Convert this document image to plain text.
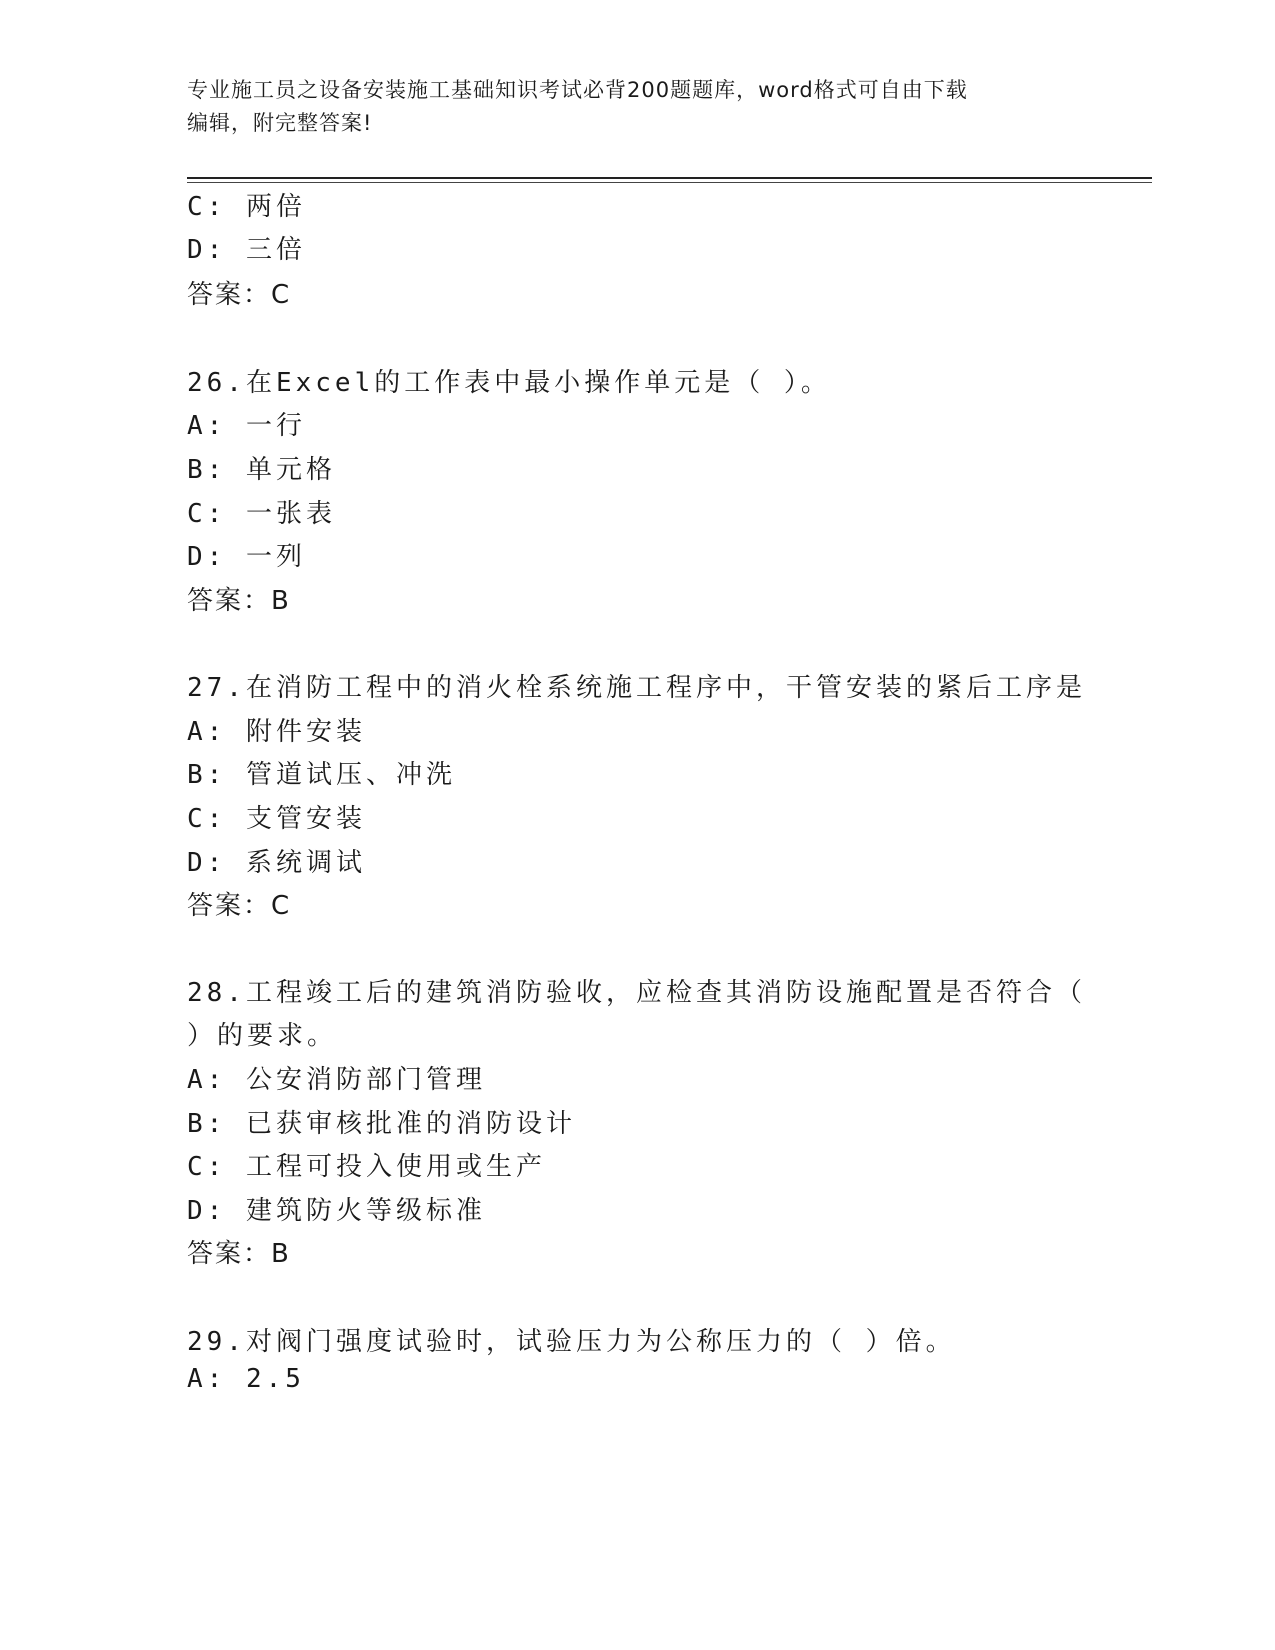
专业施工员之设备安装施工基础知识考试必背200题题库，word格式可自由下载
编辑，附完整答案!
C: 两倍
D: 三倍
答案：C
26.在Excel的工作表中最小操作单元是（ ）。
A: 一行
B: 单元格
C: 一张表
D: 一列
答案：B
27.在消防工程中的消火栓系统施工程序中，干管安装的紧后工序是
A: 附件安装
B: 管道试压、冲洗
C: 支管安装
D: 系统调试
答案：C
28.工程竣工后的建筑消防验收，应检查其消防设施配置是否符合（
）的要求。
A: 公安消防部门管理
B: 已获审核批准的消防设计
C: 工程可投入使用或生产
D: 建筑防火等级标准
答案：B
29.对阀门强度试验时，试验压力为公称压力的（ ）倍。
A: 2.5
